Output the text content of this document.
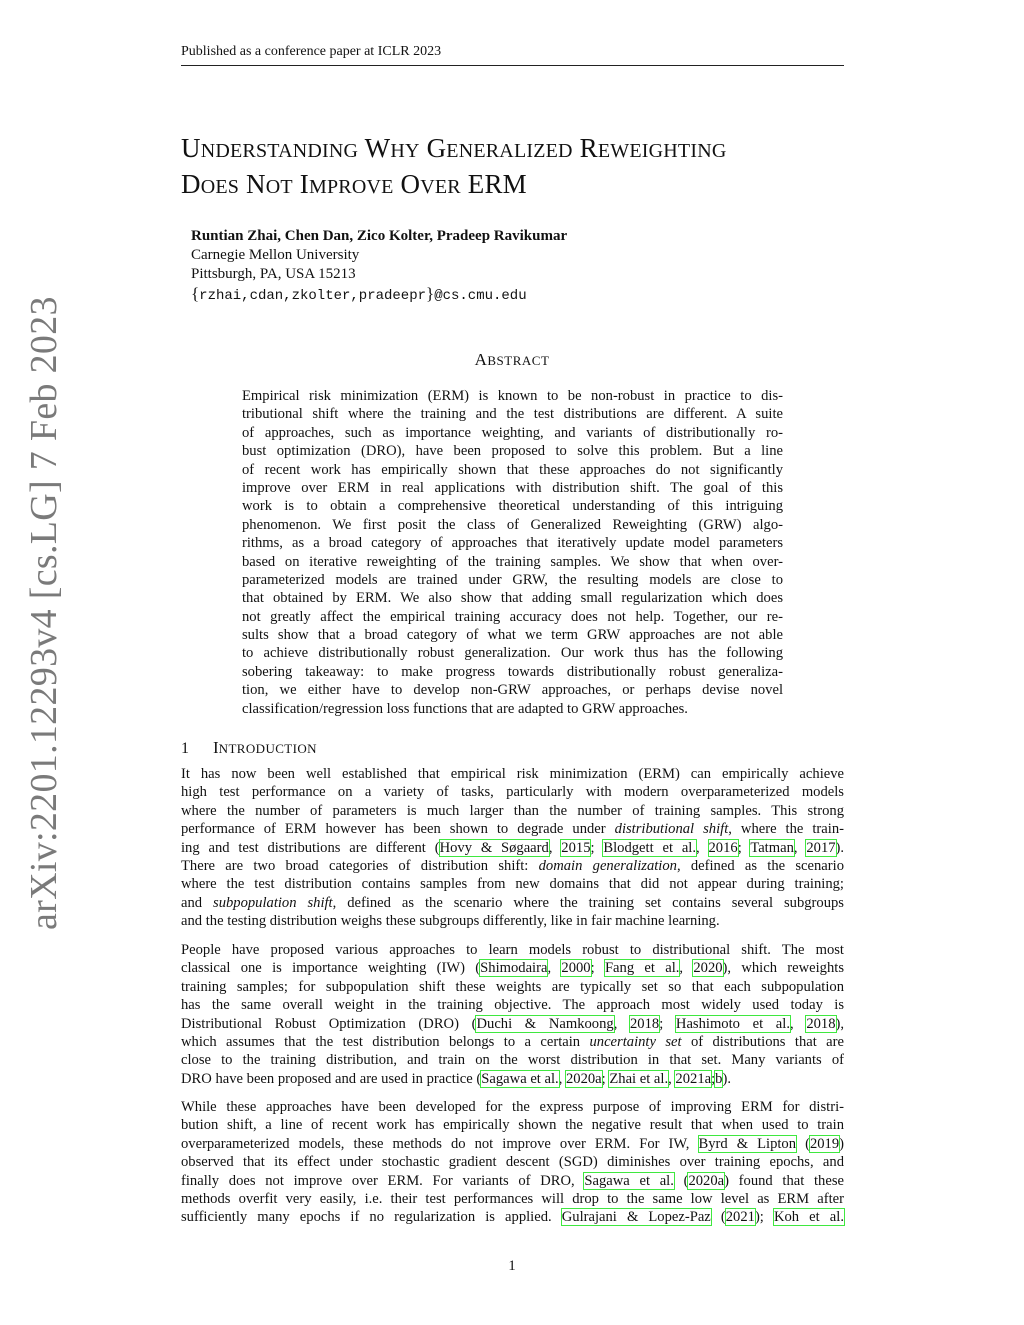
Published as a conference paper at ICLR 2023
UNDERSTANDING WHY GENERALIZED REWEIGHTING
DOES NOT IMPROVE OVER ERM
Runtian Zhai, Chen Dan, Zico Kolter, Pradeep Ravikumar
Carnegie Mellon University
Pittsburgh, PA, USA 15213
{rzhai,cdan,zkolter,pradeepr}@cs.cmu.edu
ABSTRACT
Empirical risk minimization (ERM) is known to be non-robust in practice to dis-
tributional shift where the training and the test distributions are different. A suite
of approaches, such as importance weighting, and variants of distributionally ro-
bust optimization (DRO), have been proposed to solve this problem. But a line
of recent work has empirically shown that these approaches do not significantly
improve over ERM in real applications with distribution shift. The goal of this
work is to obtain a comprehensive theoretical understanding of this intriguing
phenomenon. We first posit the class of Generalized Reweighting (GRW) algo-
rithms, as a broad category of approaches that iteratively update model parameters
based on iterative reweighting of the training samples. We show that when over-
parameterized models are trained under GRW, the resulting models are close to
that obtained by ERM. We also show that adding small regularization which does
not greatly affect the empirical training accuracy does not help. Together, our re-
sults show that a broad category of what we term GRW approaches are not able
to achieve distributionally robust generalization. Our work thus has the following
sobering takeaway: to make progress towards distributionally robust generaliza-
tion, we either have to develop non-GRW approaches, or perhaps devise novel
classification/regression loss functions that are adapted to GRW approaches.
1 INTRODUCTION
It has now been well established that empirical risk minimization (ERM) can empirically achieve
high test performance on a variety of tasks, particularly with modern overparameterized models
where the number of parameters is much larger than the number of training samples. This strong
performance of ERM however has been shown to degrade under distributional shift, where the train-
ing and test distributions are different (Hovy & Søgaard, 2015; Blodgett et al., 2016; Tatman, 2017).
There are two broad categories of distribution shift: domain generalization, defined as the scenario
where the test distribution contains samples from new domains that did not appear during training;
and subpopulation shift, defined as the scenario where the training set contains several subgroups
and the testing distribution weighs these subgroups differently, like in fair machine learning.
People have proposed various approaches to learn models robust to distributional shift. The most
classical one is importance weighting (IW) (Shimodaira, 2000; Fang et al., 2020), which reweights
training samples; for subpopulation shift these weights are typically set so that each subpopulation
has the same overall weight in the training objective. The approach most widely used today is
Distributional Robust Optimization (DRO) (Duchi & Namkoong, 2018; Hashimoto et al., 2018),
which assumes that the test distribution belongs to a certain uncertainty set of distributions that are
close to the training distribution, and train on the worst distribution in that set. Many variants of
DRO have been proposed and are used in practice (Sagawa et al., 2020a; Zhai et al., 2021a;b).
While these approaches have been developed for the express purpose of improving ERM for distri-
bution shift, a line of recent work has empirically shown the negative result that when used to train
overparameterized models, these methods do not improve over ERM. For IW, Byrd & Lipton (2019)
observed that its effect under stochastic gradient descent (SGD) diminishes over training epochs, and
finally does not improve over ERM. For variants of DRO, Sagawa et al. (2020a) found that these
methods overfit very easily, i.e. their test performances will drop to the same low level as ERM after
sufficiently many epochs if no regularization is applied. Gulrajani & Lopez-Paz (2021); Koh et al.
1
arXiv:2201.12293v4 [cs.LG] 7 Feb 2023
